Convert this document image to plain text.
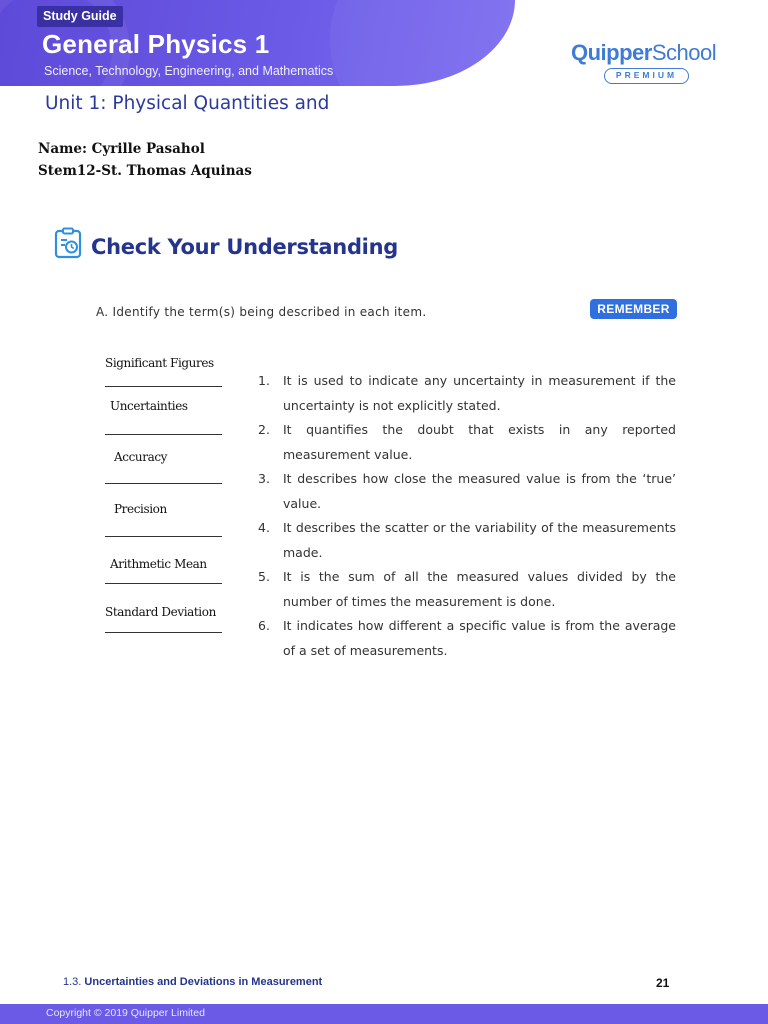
Study Guide
General Physics 1
Science, Technology, Engineering, and Mathematics
QuipperSchool
PREMIUM
Unit 1: Physical Quantities and
Name: Cyrille Pasahol
Stem12-St. Thomas Aquinas
Check Your Understanding
A. Identify the term(s) being described in each item.	REMEMBER
Significant Figures
Uncertainties
Accuracy
Precision
Arithmetic Mean
Standard Deviation
1.	It is used to indicate any uncertainty in measurement if the uncertainty is not explicitly stated.
2.	It quantifies the doubt that exists in any reported measurement value.
3.	It describes how close the measured value is from the ‘true’ value.
4.	It describes the scatter or the variability of the measurements made.
5.	It is the sum of all the measured values divided by the number of times the measurement is done.
6.	It indicates how different a specific value is from the average of a set of measurements.
1.3. Uncertainties and Deviations in Measurement	21
Copyright © 2019 Quipper Limited
